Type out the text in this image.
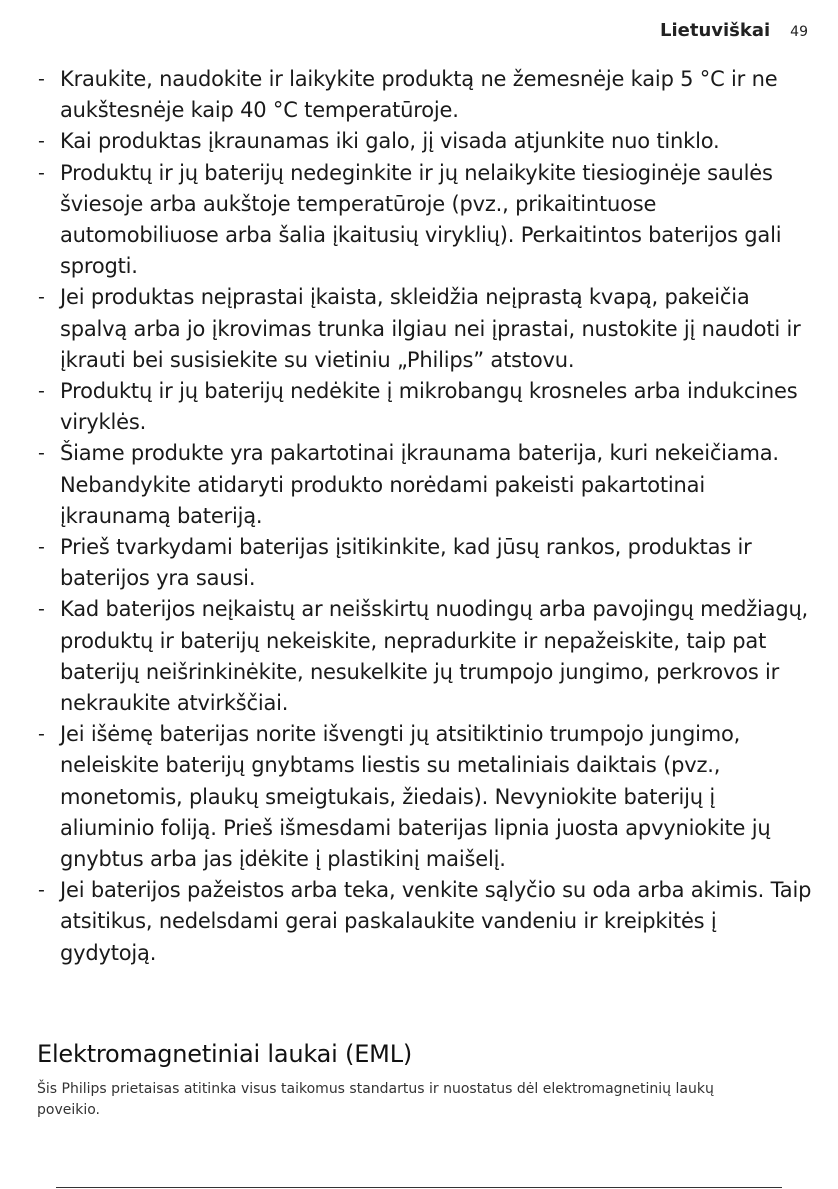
Lietuviškai 49
- Kraukite, naudokite ir laikykite produktą ne žemesnėje kaip 5 °C ir ne aukštesnėje kaip 40 °C temperatūroje.
- Kai produktas įkraunamas iki galo, jį visada atjunkite nuo tinklo.
- Produktų ir jų baterijų nedeginkite ir jų nelaikykite tiesioginėje saulės šviesoje arba aukštoje temperatūroje (pvz., prikaitintuose automobiliuose arba šalia įkaitusių viryklių). Perkaitintos baterijos gali sprogti.
- Jei produktas neįprastai įkaista, skleidžia neįprastą kvapą, pakeičia spalvą arba jo įkrovimas trunka ilgiau nei įprastai, nustokite jį naudoti ir įkrauti bei susisiekite su vietiniu „Philips” atstovu.
- Produktų ir jų baterijų nedėkite į mikrobangų krosneles arba indukcines viryklės.
- Šiame produkte yra pakartotinai įkraunama baterija, kuri nekeičiama. Nebandykite atidaryti produkto norėdami pakeisti pakartotinai įkraunamą bateriją.
- Prieš tvarkydami baterijas įsitikinkite, kad jūsų rankos, produktas ir baterijos yra sausi.
- Kad baterijos neįkaistų ar neišskirtų nuodingų arba pavojingų medžiagų, produktų ir baterijų nekeiskite, nepradurkite ir nepažeiskite, taip pat baterijų neišrinkinėkite, nesukelkite jų trumpojo jungimo, perkrovos ir nekraukite atvirkščiai.
- Jei išėmę baterijas norite išvengti jų atsitiktinio trumpojo jungimo, neleiskite baterijų gnybtams liestis su metaliniais daiktais (pvz., monetomis, plaukų smeigtukais, žiedais). Nevyniokite baterijų į aliuminio foliją. Prieš išmesdami baterijas lipnia juosta apvyniokite jų gnybtus arba jas įdėkite į plastikinį maišelį.
- Jei baterijos pažeistos arba teka, venkite sąlyčio su oda arba akimis. Taip atsitikus, nedelsdami gerai paskalaukite vandeniu ir kreipkitės į gydytoją.
Elektromagnetiniai laukai (EML)

Šis Philips prietaisas atitinka visus taikomus standartus ir nuostatus dėl elektromagnetinių laukų poveikio.
